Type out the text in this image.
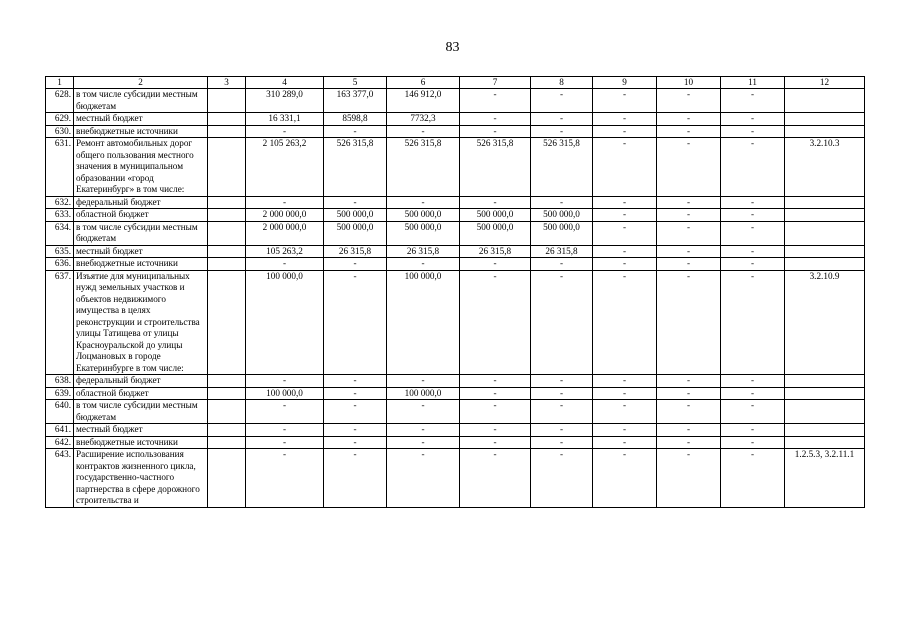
83
1	2	3	4	5	6	7	8	9	10	11	12
628.	в том числе субсидии местным бюджетам		310 289,0	163 377,0	146 912,0	-	-	-	-	-	
629.	местный бюджет		16 331,1	8598,8	7732,3	-	-	-	-	-	
630.	внебюджетные источники		-	-	-	-	-	-	-	-	
631.	Ремонт автомобильных дорог общего пользования местного значения в муниципальном образовании «город Екатеринбург» в том числе:		2 105 263,2	526 315,8	526 315,8	526 315,8	526 315,8	-	-	-	3.2.10.3
632.	федеральный бюджет		-	-	-	-	-	-	-	-	
633.	областной бюджет		2 000 000,0	500 000,0	500 000,0	500 000,0	500 000,0	-	-	-	
634.	в том числе субсидии местным бюджетам		2 000 000,0	500 000,0	500 000,0	500 000,0	500 000,0	-	-	-	
635.	местный бюджет		105 263,2	26 315,8	26 315,8	26 315,8	26 315,8	-	-	-	
636.	внебюджетные источники		-	-	-	-	-	-	-	-	
637.	Изъятие для муниципальных нужд земельных участков и объектов недвижимого имущества в целях реконструкции и строительства улицы Татищева от улицы Красноуральской до улицы Лоцмановых в городе Екатеринбурге в том числе:		100 000,0	-	100 000,0	-	-	-	-	-	3.2.10.9
638.	федеральный бюджет		-	-	-	-	-	-	-	-	
639.	областной бюджет		100 000,0	-	100 000,0	-	-	-	-	-	
640.	в том числе субсидии местным бюджетам		-	-	-	-	-	-	-	-	
641.	местный бюджет		-	-	-	-	-	-	-	-	
642.	внебюджетные источники		-	-	-	-	-	-	-	-	
643.	Расширение использования контрактов жизненного цикла, государственно-частного партнерства в сфере дорожного строительства и		-	-	-	-	-	-	-	-	1.2.5.3, 3.2.11.1
